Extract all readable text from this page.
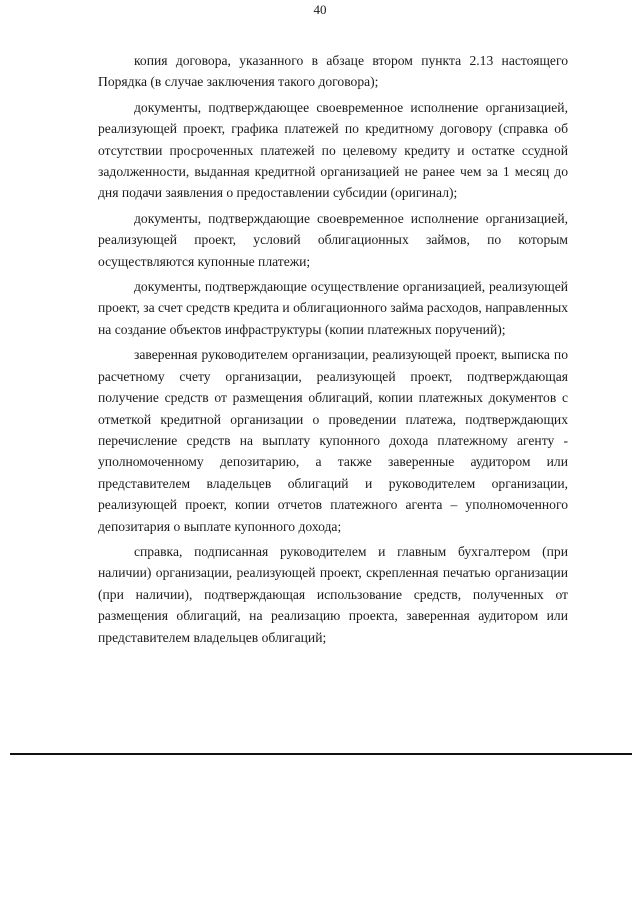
40

копия договора, указанного в абзаце втором пункта 2.13 настоящего Порядка (в случае заключения такого договора);

документы, подтверждающее своевременное исполнение организацией, реализующей проект, графика платежей по кредитному договору (справка об отсутствии просроченных платежей по целевому кредиту и остатке ссудной задолженности, выданная кредитной организацией не ранее чем за 1 месяц до дня подачи заявления о предоставлении субсидии (оригинал);

документы, подтверждающие своевременное исполнение организацией, реализующей проект, условий облигационных займов, по которым осуществляются купонные платежи;

документы, подтверждающие осуществление организацией, реализующей проект, за счет средств кредита и облигационного займа расходов, направленных на создание объектов инфраструктуры (копии платежных поручений);

заверенная руководителем организации, реализующей проект, выписка по расчетному счету организации, реализующей проект, подтверждающая получение средств от размещения облигаций, копии платежных документов с отметкой кредитной организации о проведении платежа, подтверждающих перечисление средств на выплату купонного дохода платежному агенту - уполномоченному депозитарию, а также заверенные аудитором или представителем владельцев облигаций и руководителем организации, реализующей проект, копии отчетов платежного агента – уполномоченного депозитария о выплате купонного дохода;

справка, подписанная руководителем и главным бухгалтером (при наличии) организации, реализующей проект, скрепленная печатью организации (при наличии), подтверждающая использование средств, полученных от размещения облигаций, на реализацию проекта, заверенная аудитором или представителем владельцев облигаций;
